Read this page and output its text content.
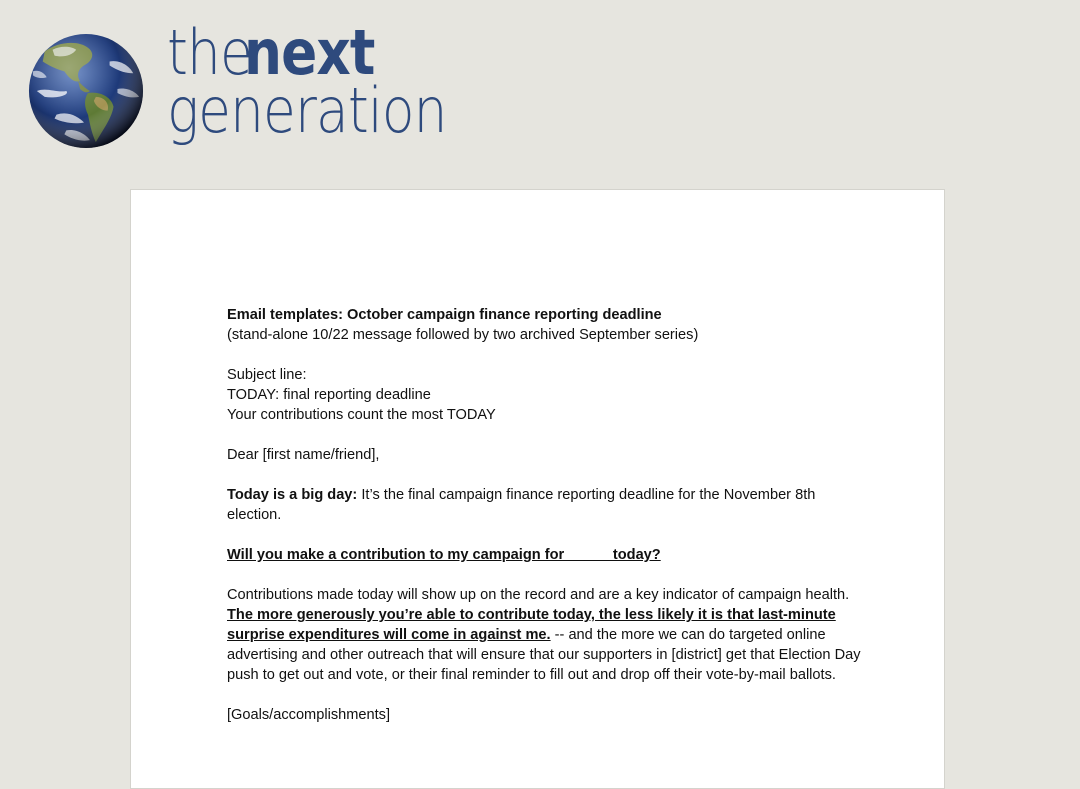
thenext
generation

Email templates: October campaign finance reporting deadline

(stand-alone 10/22 message followed by two archived September series)

Subject line:

TODAY: final reporting deadline

Your contributions count the most TODAY

Dear [first name/friend],

Today is a big day: It’s the final campaign finance reporting deadline for the November 8th election.

Will you make a contribution to my campaign for _____ today?

Contributions made today will show up on the record and are a key indicator of campaign health. The more generously you’re able to contribute today, the less likely it is that last-minute surprise expenditures will come in against me. -- and the more we can do targeted online advertising and other outreach that will ensure that our supporters in [district] get that Election Day push to get out and vote, or their final reminder to fill out and drop off their vote-by-mail ballots.

[Goals/accomplishments]
